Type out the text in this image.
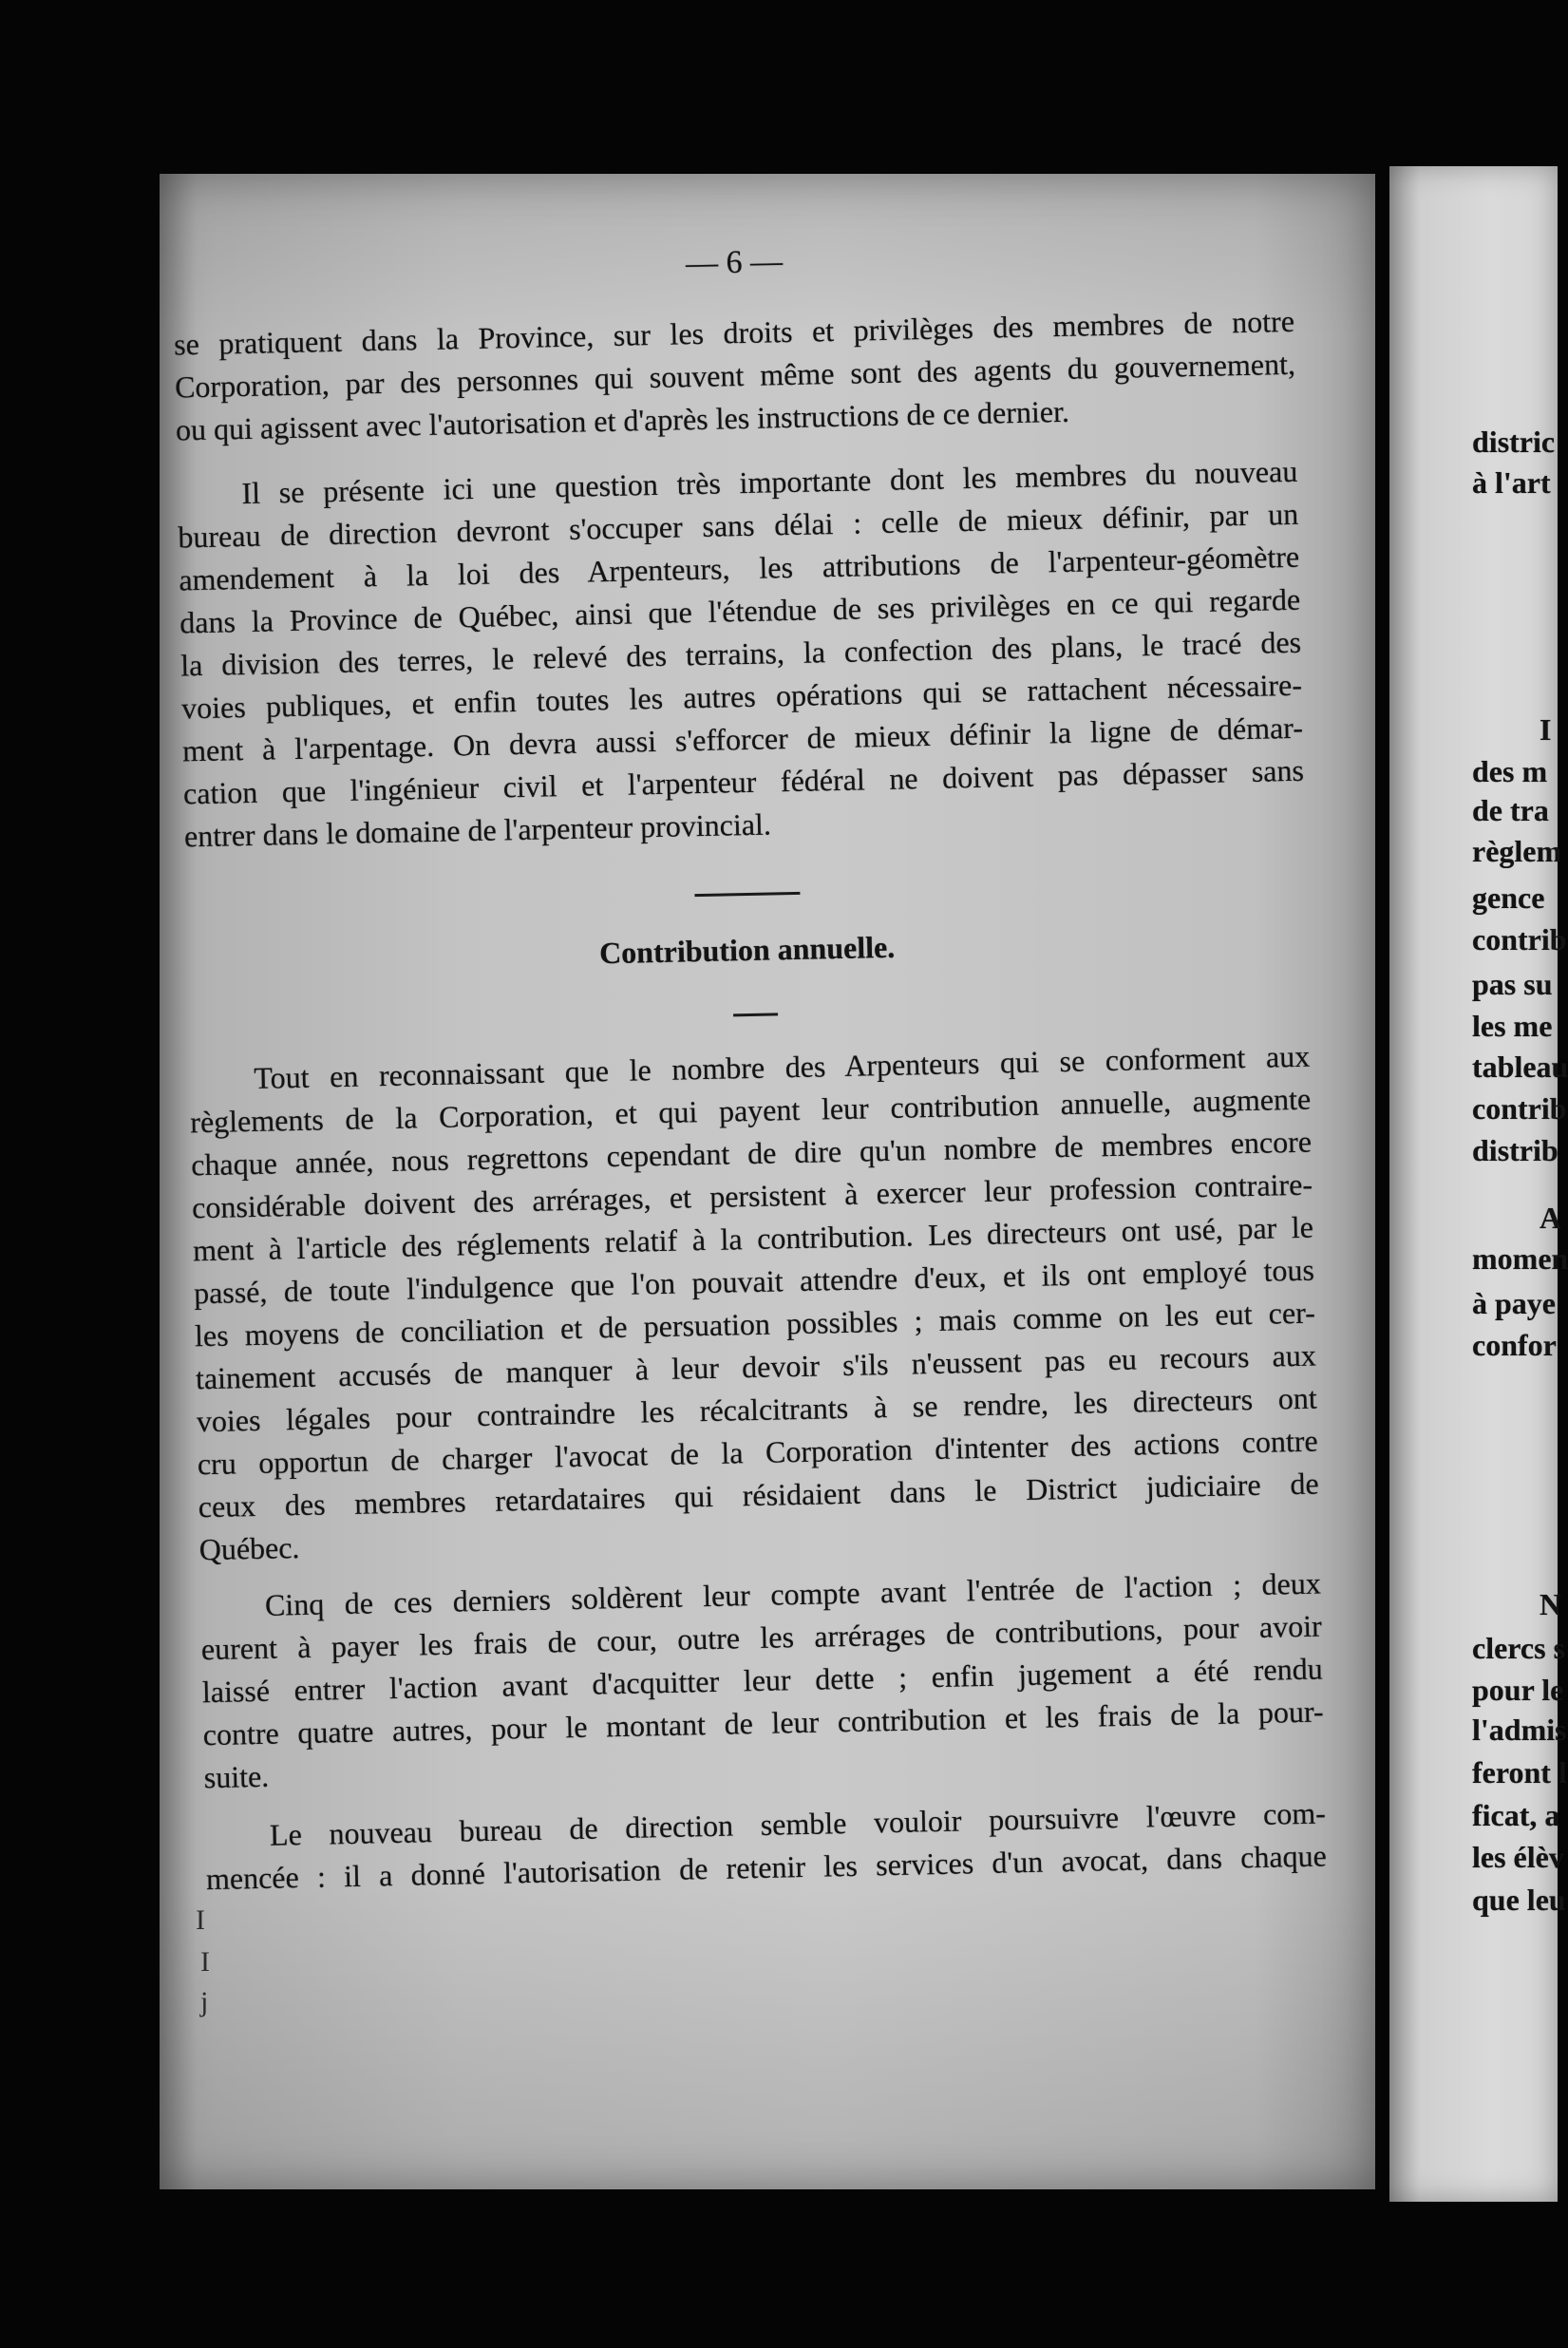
— 6 —
se pratiquent dans la Province, sur les droits et privilèges des membres de notre
Corporation, par des personnes qui souvent même sont des agents du gouvernement,
ou qui agissent avec l'autorisation et d'après les instructions de ce dernier.
Il se présente ici une question très importante dont les membres du nouveau
bureau de direction devront s'occuper sans délai : celle de mieux définir, par un
amendement à la loi des Arpenteurs, les attributions de l'arpenteur-géomètre
dans la Province de Québec, ainsi que l'étendue de ses privilèges en ce qui regarde
la division des terres, le relevé des terrains, la confection des plans, le tracé des
voies publiques, et enfin toutes les autres opérations qui se rattachent nécessaire-
ment à l'arpentage. On devra aussi s'efforcer de mieux définir la ligne de démar-
cation que l'ingénieur civil et l'arpenteur fédéral ne doivent pas dépasser sans
entrer dans le domaine de l'arpenteur provincial.
Contribution annuelle.
Tout en reconnaissant que le nombre des Arpenteurs qui se conforment aux
règlements de la Corporation, et qui payent leur contribution annuelle, augmente
chaque année, nous regrettons cependant de dire qu'un nombre de membres encore
considérable doivent des arrérages, et persistent à exercer leur profession contraire-
ment à l'article des réglements relatif à la contribution. Les directeurs ont usé, par le
passé, de toute l'indulgence que l'on pouvait attendre d'eux, et ils ont employé tous
les moyens de conciliation et de persuation possibles ; mais comme on les eut cer-
tainement accusés de manquer à leur devoir s'ils n'eussent pas eu recours aux
voies légales pour contraindre les récalcitrants à se rendre, les directeurs ont
cru opportun de charger l'avocat de la Corporation d'intenter des actions contre
ceux des membres retardataires qui résidaient dans le District judiciaire de
Québec.
Cinq de ces derniers soldèrent leur compte avant l'entrée de l'action ; deux
eurent à payer les frais de cour, outre les arrérages de contributions, pour avoir
laissé entrer l'action avant d'acquitter leur dette ; enfin jugement a été rendu
contre quatre autres, pour le montant de leur contribution et les frais de la pour-
suite.
Le nouveau bureau de direction semble vouloir poursuivre l'œuvre com-
mencée : il a donné l'autorisation de retenir les services d'un avocat, dans chaque
I
I
j
distric
à l'art
I
des m
de tra
règlem
gence
contrib
pas su
les me
tableau
contrib
distrib
A
momen
à paye
confor
N
clercs s
pour le
l'admis
feront l
ficat, a
les élèv
que leu
